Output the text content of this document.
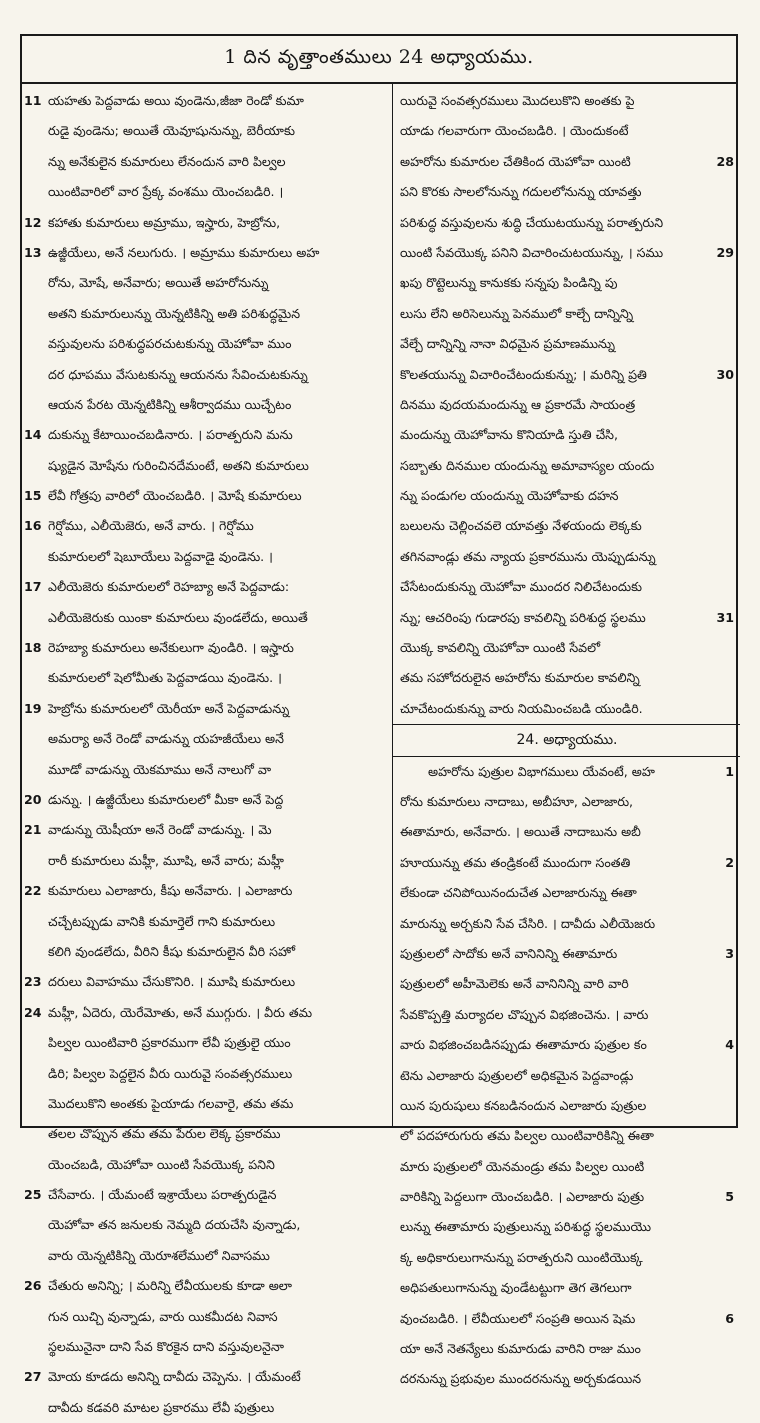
1 దిన వృత్తాంతములు 24 అధ్యాయము.
11 యహతు పెద్దవాడు అయి వుండెను,జీజా రెండో కుమా
రుడై వుండెను; అయితే యెవూషునున్ను, బెరీయాకు
న్ను అనేకులైన కుమారులు లేనందున వారి పిల్వల
యింటివారిలో వార ప్రేక్క వంశము యెంచబడిరి. ।
12 కహాతు కుమారులు అమ్రాము, ఇస్హారు, హెబ్రోను,
13 ఉజ్జీయేలు, అనే నలుగురు. । అమ్రాము కుమారులు అహ
రోను, మోషే, అనేవారు; అయితే అహరోనున్ను
అతని కుమారులున్ను యెన్నటికిన్ని అతి పరిశుద్ధమైన
వస్తువులను పరిశుద్ధపరచుటకున్ను యెహోవా ముం
దర ధూపము వేసుటకున్ను ఆయనను సేవించుటకున్ను
ఆయన పేరట యెన్నటికిన్ని ఆశీర్వాదము యిచ్చేటం
14 దుకున్ను కేటాయించబడినారు. । పరాత్పరుని మను
ష్యుడైన మోషేను గురించినదేమంటే, అతని కుమారులు
15 లేవీ గోత్రపు వారిలో యెంచబడిరి. । మోషే కుమారులు
16 గెర్షోము, ఎలీయెజెరు, అనే వారు. । గెర్షోము
కుమారులలో షెబూయేలు పెద్దవాడై వుండెను. ।
17 ఎలీయెజెరు కుమారులలో రెహబ్యా అనే పెద్దవాడు:
ఎలీయెజెరుకు యింకా కుమారులు వుండలేదు, అయితే
18 రెహబ్యా కుమారులు అనేకులుగా వుండిరి. । ఇస్హారు
కుమారులలో షెలోమీతు పెద్దవాడయి వుండెను. ।
19 హెబ్రోను కుమారులలో యెరీయా అనే పెద్దవాడున్ను
అమర్యా అనే రెండో వాడున్ను యహజీయేలు అనే
మూడో వాడున్ను యెకమాము అనే నాలుగో వా
20 డున్ను. । ఉజ్జీయేలు కుమారులలో మీకా అనే పెద్ద
21 వాడున్ను యెషీయా అనే రెండో వాడున్ను. । మె
రారీ కుమారులు మహ్లీ, మూషి, అనే వారు; మహ్లీ
22 కుమారులు ఎలాజారు, కీషు అనేవారు. । ఎలాజారు
చచ్చేటప్పుడు వానికి కుమార్తెలే గాని కుమారులు
కలిగి వుండలేదు, వీరిని కీషు కుమారులైన వీరి సహో
23 దరులు వివాహము చేసుకొనిరి. । మూషి కుమారులు
24 మహ్లీ, ఏదెరు, యెరేమోతు, అనే ముగ్గురు. । వీరు తమ
పిల్వల యింటివారి ప్రకారముగా లేవీ పుత్రులై యుం
డిరి; పిల్వల పెద్దలైన వీరు యిరువై సంవత్సరములు
మొదలుకొని అంతకు పైయాడు గలవారై, తమ తమ
తలల చొప్పున తమ తమ పేరుల లెక్క ప్రకారము
యెంచబడి, యెహోవా యింటి సేవయొక్క పనిని
25 చేసేవారు. । యేమంటే ఇశ్రాయేలు పరాత్పరుడైన
యెహోవా తన జనులకు నెమ్మది దయచేసి వున్నాడు,
వారు యెన్నటికిన్ని యెరూశలేములో నివాసము
26 చేతురు అనిన్ని; । మరిన్ని లేవీయులకు కూడా అలా
గున యిచ్చి వున్నాడు, వారు యికమీదట నివాస
స్థలమునైనా దాని సేవ కొరకైన దాని వస్తువులనైనా
27 మోయ కూడదు అనిన్ని దావీదు చెప్పెను. । యేమంటే
దావీదు కడవరి మాటల ప్రకారము లేవీ పుత్రులు
యిరువై సంవత్సరములు మొదలుకొని అంతకు పై
యాడు గలవారుగా యెంచబడిరి. । యెందుకంటే
28
అహరోను కుమారుల చేతికింద యెహోవా యింటి
పని కొరకు సాలలోనున్ను గదులలోనున్ను యావత్తు
పరిశుద్ధ వస్తువులను శుద్ధి చేయుటయున్ను పరాత్పరుని
29
యింటి సేవయొక్క పనిని విచారించుటయున్ను, । సము
ఖపు రొట్టెలున్ను కానుకకు సన్నపు పిండిన్ని పు
లుసు లేని అరిసెలున్ను పెనములో కాల్చే దాన్నిన్ని
వేల్చే దాన్నిన్ని నానా విధమైన ప్రమాణమున్ను
30
కొలతయున్ను విచారించేటందుకున్ను; । మరిన్ని ప్రతి
దినము వుదయమందున్ను ఆ ప్రకారమే సాయంత్ర
మందున్ను యెహోవాను కొనియాడి స్తుతి చేసి,
సబ్బాతు దినముల యందున్ను అమావాస్యల యందు
న్ను పండుగల యందున్ను యెహోవాకు దహన
బలులను చెల్లించవలె యావత్తు నేళయందు లెక్కకు
తగినవాండ్లు తమ న్యాయ ప్రకారమును యెప్పుడున్ను
చేసేటందుకున్ను యెహోవా ముందర నిలిచేటందుకు
31
న్ను; ఆచరింపు గుడారపు కావలిన్ని పరిశుద్ధ స్థలము
యొక్క కావలిన్ని యెహోవా యింటి సేవలో
తమ సహోదరులైన అహరోను కుమారుల కావలిన్ని
చూచేటందుకున్ను వారు నియమించబడి యుండిరి.
24. అధ్యాయము.
1
అహరోను పుత్రుల విభాగములు యేవంటే, అహ
రోను కుమారులు నాదాబు, అబీహూ, ఎలాజారు,
ఈతామారు, అనేవారు. । అయితే నాదాబును అబీ
2
హూయున్ను తమ తండ్రికంటే ముందుగా సంతతి
లేకుండా చనిపోయినందుచేత ఎలాజారున్ను ఈతా
మారున్ను అర్చకుని సేవ చేసిరి. । దావీదు ఎలీయెజరు
3
పుత్రులలో సాదోకు అనే వానినిన్ని ఈతామారు
పుత్రులలో అహీమెలెకు అనే వానినిన్ని వారి వారి
సేవకొప్పత్తి మర్యాదల చొప్పున విభజించెను. । వారు
4
వారు విభజించబడినప్పుడు ఈతామారు పుత్రుల కం
టెను ఎలాజారు పుత్రులలో అధికమైన పెద్దవాండ్లు
యిన పురుషులు కనబడినందున ఎలాజారు పుత్రుల
లో పదహారుగురు తమ పిల్వల యింటివారికిన్ని ఈతా
మారు పుత్రులలో యెనమండ్రు తమ పిల్వల యింటి
5
వారికిన్ని పెద్దలుగా యెంచబడిరి. । ఎలాజారు పుత్రు
లున్ను ఈతామారు పుత్రులున్ను పరిశుద్ధ స్థలముయొ
క్క అధికారులుగానున్ను పరాత్పరుని యింటియొక్క
అధిపతులుగానున్ను వుండేటట్టుగా తెగ తెగలుగా
6
వుంచబడిరి. । లేవీయులలో సంప్రతి అయిన షెమ
యా అనే నెతన్యేలు కుమారుడు వారిని రాజు ముం
దరనున్ను ప్రభువుల ముందరనున్ను అర్చకుడయిన
